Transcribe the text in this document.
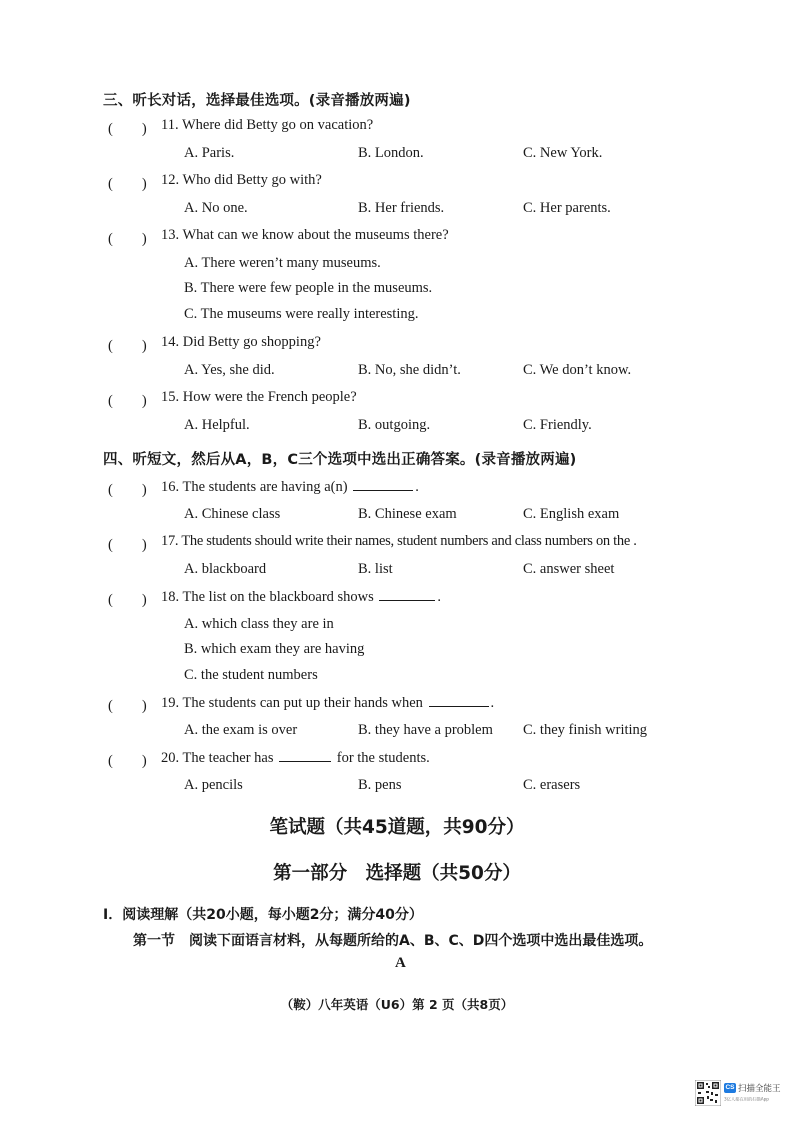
三、听长对话，选择最佳选项。(录音播放两遍)
(　　) 11. Where did Betty go on vacation?
A. Paris.	B. London.	C. New York.
(　　) 12. Who did Betty go with?
A. No one.	B. Her friends.	C. Her parents.
(　　) 13. What can we know about the museums there?
A. There weren’t many museums.
B. There were few people in the museums.
C. The museums were really interesting.
(　　) 14. Did Betty go shopping?
A. Yes, she did.	B. No, she didn’t.	C. We don’t know.
(　　) 15. How were the French people?
A. Helpful.	B. outgoing.	C. Friendly.
四、听短文，然后从A，B，C三个选项中选出正确答案。(录音播放两遍)
(　　) 16. The students are having a(n)	.
A. Chinese class	B. Chinese exam	C. English exam
(　　) 17. The students should write their names, student numbers and class numbers on the .
A. blackboard	B. list	C. answer sheet
(　　) 18. The list on the blackboard shows	.
A. which class they are in
B. which exam they are having
C. the student numbers
(　　) 19. The students can put up their hands when	.
A. the exam is over	B. they have a problem C. they finish writing
(　　) 20. The teacher has	for the students.
A. pencils	B. pens	C. erasers
笔试题（共45道题，共90分）
第一部分　选择题（共50分）
Ⅰ．阅读理解（共20小题，每小题2分；满分40分）
第一节　 阅读下面语言材料，从每题所给的A、B、C、D四个选项中选出最佳选项。
A
（鞍）八年英语（U6）第 2 页（共8页）
CS 扫描全能王
3亿人都在用的扫描App
